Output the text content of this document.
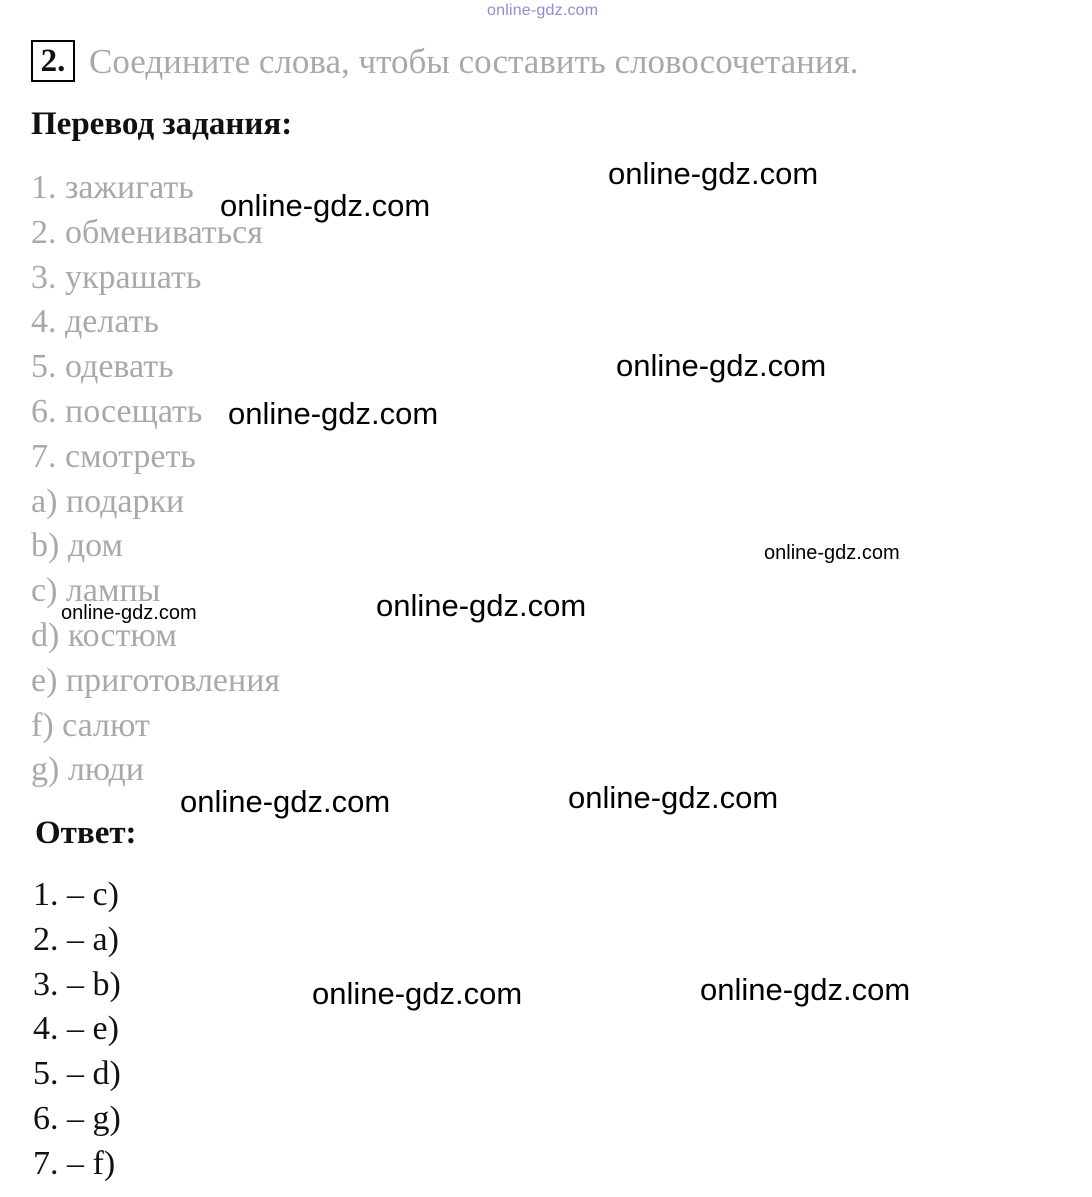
online-gdz.com
2. Соедините слова, чтобы составить словосочетания.
Перевод задания:
1. зажигать
2. обмениваться
3. украшать
4. делать
5. одевать
6. посещать
7. смотреть
a) подарки
b) дом
c) лампы
d) костюм
e) приготовления
f) салют
g) люди
Ответ:
1. – c)
2. – a)
3. – b)
4. – e)
5. – d)
6. – g)
7. – f)
online-gdz.com
online-gdz.com
online-gdz.com
online-gdz.com
online-gdz.com
online-gdz.com
online-gdz.com
online-gdz.com
online-gdz.com
online-gdz.com
online-gdz.com
